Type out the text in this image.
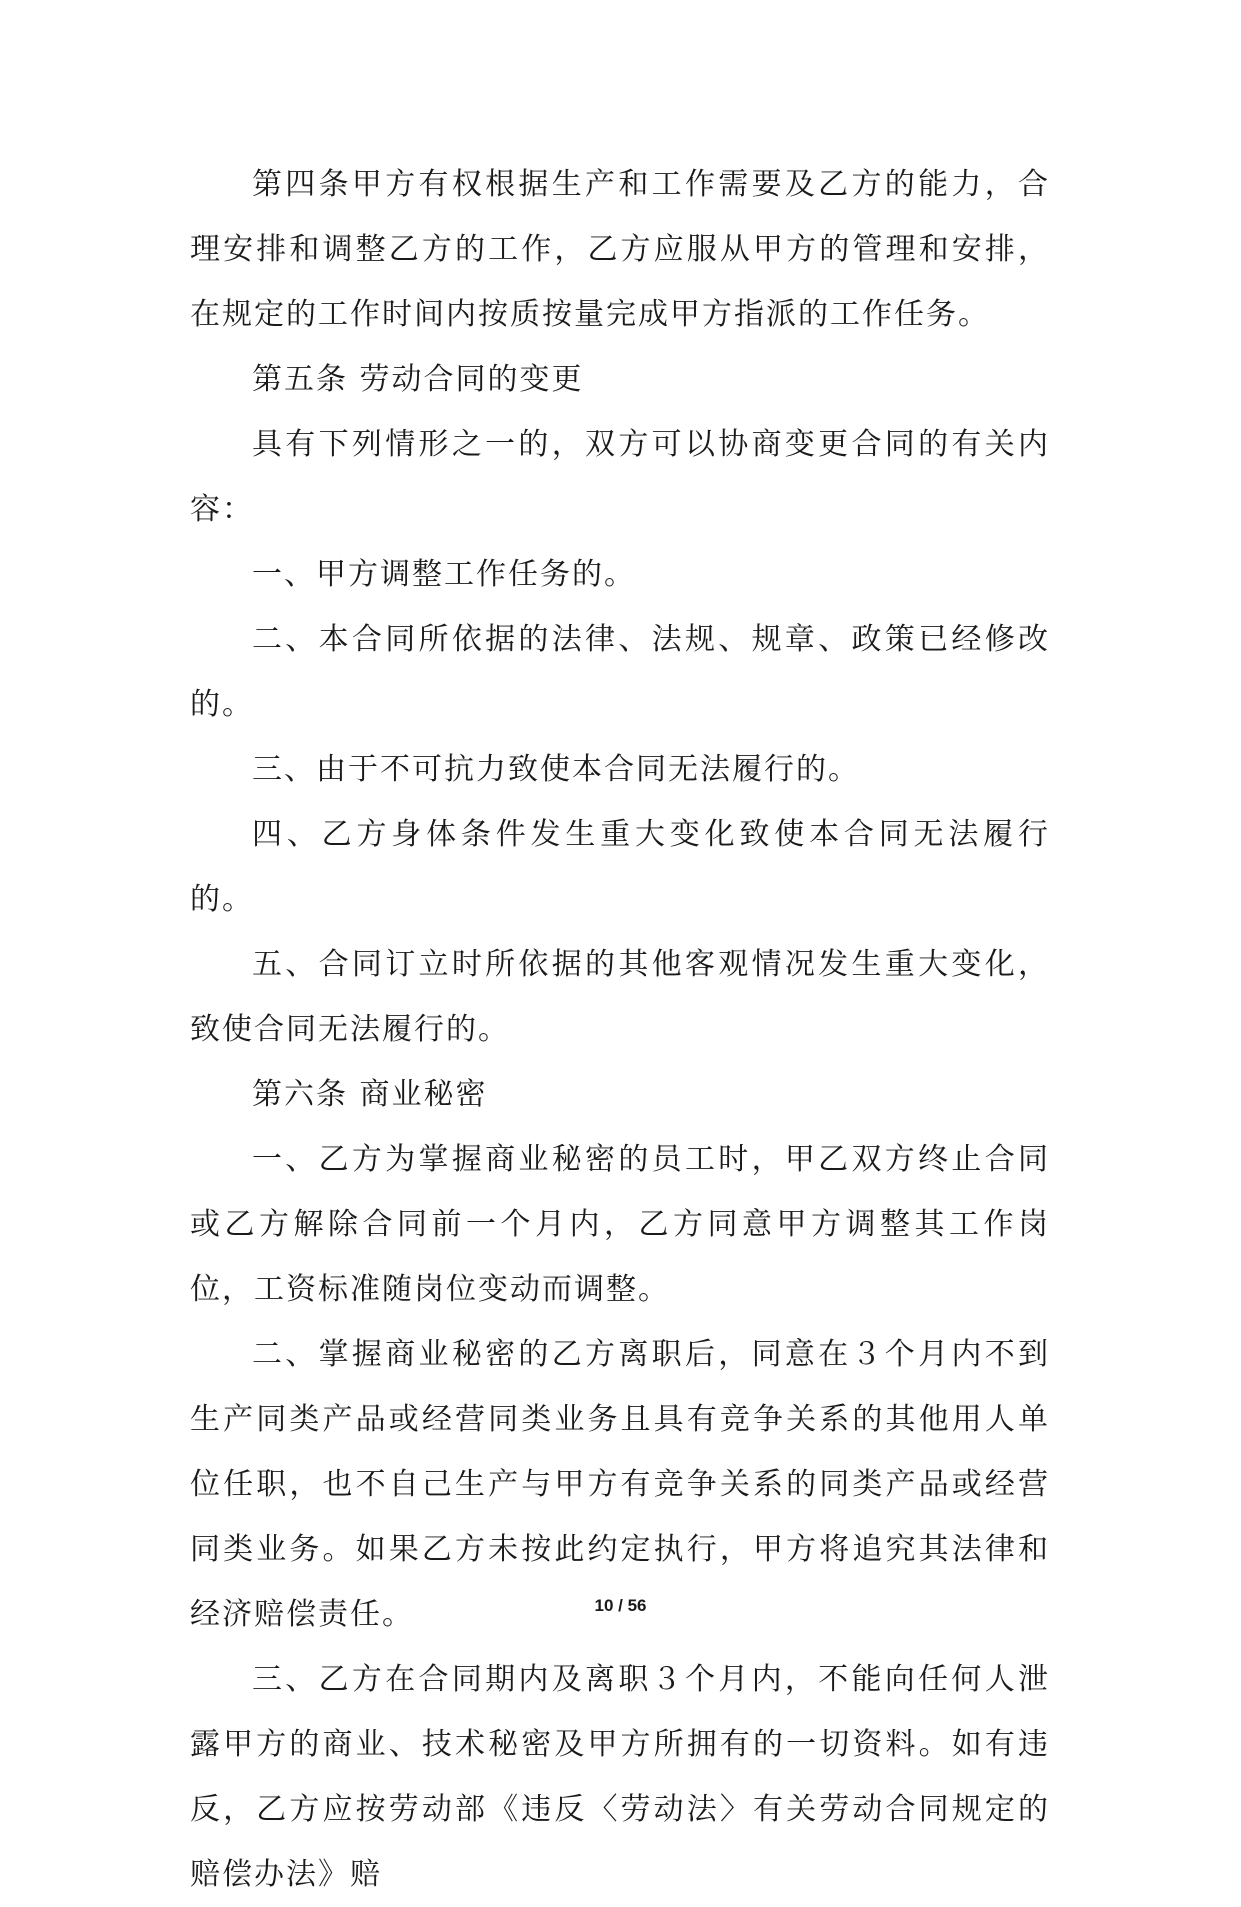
第四条甲方有权根据生产和工作需要及乙方的能力，合理安排和调整乙方的工作，乙方应服从甲方的管理和安排，在规定的工作时间内按质按量完成甲方指派的工作任务。

第五条 劳动合同的变更

具有下列情形之一的，双方可以协商变更合同的有关内容：

一、甲方调整工作任务的。

二、本合同所依据的法律、法规、规章、政策已经修改的。

三、由于不可抗力致使本合同无法履行的。

四、乙方身体条件发生重大变化致使本合同无法履行的。

五、合同订立时所依据的其他客观情况发生重大变化，致使合同无法履行的。

第六条 商业秘密

一、乙方为掌握商业秘密的员工时，甲乙双方终止合同或乙方解除合同前一个月内，乙方同意甲方调整其工作岗位，工资标准随岗位变动而调整。

二、掌握商业秘密的乙方离职后，同意在３个月内不到生产同类产品或经营同类业务且具有竞争关系的其他用人单位任职，也不自己生产与甲方有竞争关系的同类产品或经营同类业务。如果乙方未按此约定执行，甲方将追究其法律和经济赔偿责任。

三、乙方在合同期内及离职３个月内，不能向任何人泄露甲方的商业、技术秘密及甲方所拥有的一切资料。如有违反，乙方应按劳动部《违反〈劳动法〉有关劳动合同规定的赔偿办法》赔

10 / 56
